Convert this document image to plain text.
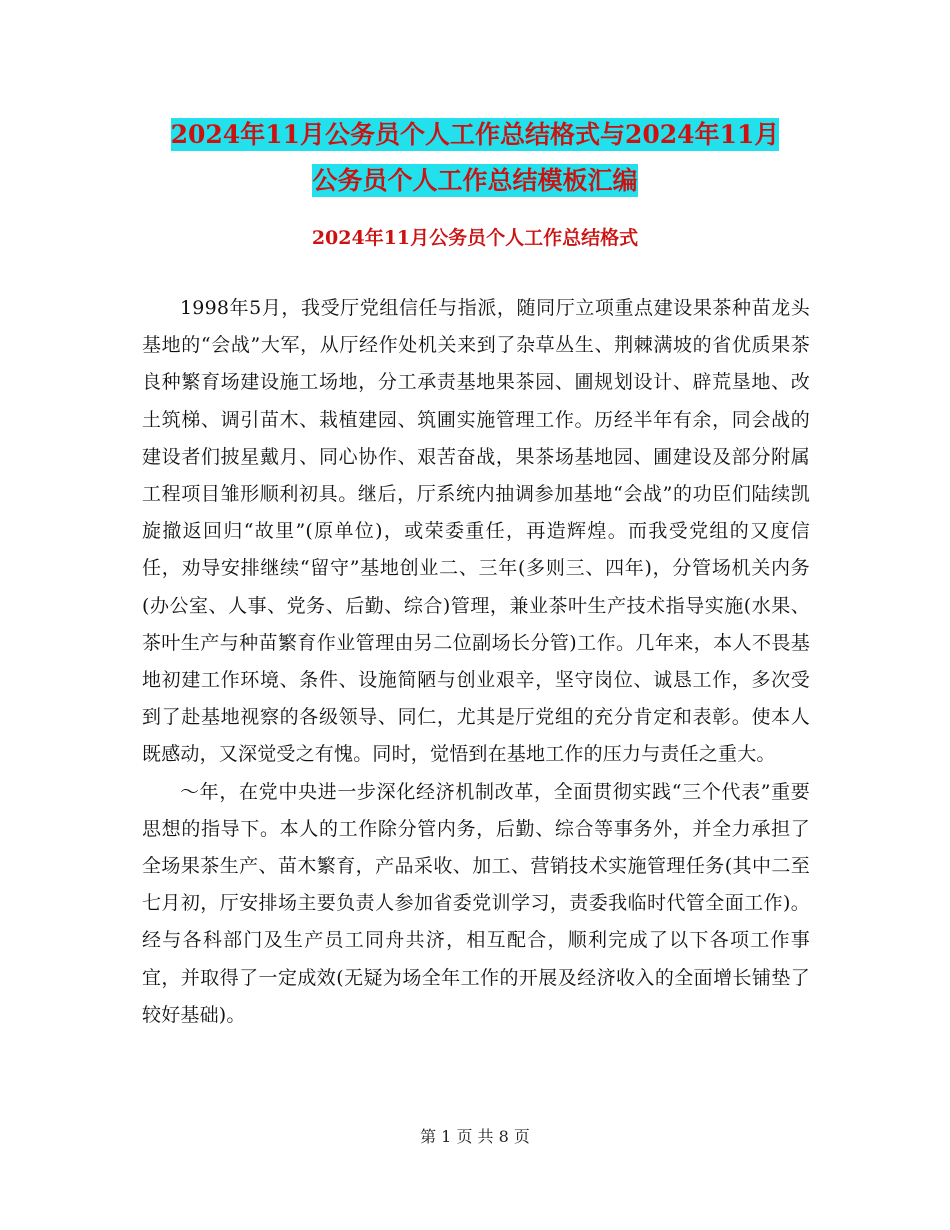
2024年11月公务员个人工作总结格式与2024年11月
公务员个人工作总结模板汇编
2024年11月公务员个人工作总结格式

1998年5月，我受厅党组信任与指派，随同厅立项重点建设果茶种苗龙头基地的“会战”大军，从厅经作处机关来到了杂草丛生、荆棘满坡的省优质果茶良种繁育场建设施工场地，分工承责基地果茶园、圃规划设计、辟荒垦地、改土筑梯、调引苗木、栽植建园、筑圃实施管理工作。历经半年有余，同会战的建设者们披星戴月、同心协作、艰苦奋战，果茶场基地园、圃建设及部分附属工程项目雏形顺利初具。继后，厅系统内抽调参加基地“会战”的功臣们陆续凯旋撤返回归“故里”(原单位)，或荣委重任，再造辉煌。而我受党组的又度信任，劝导安排继续“留守”基地创业二、三年(多则三、四年)，分管场机关内务(办公室、人事、党务、后勤、综合)管理，兼业茶叶生产技术指导实施(水果、茶叶生产与种苗繁育作业管理由另二位副场长分管)工作。几年来，本人不畏基地初建工作环境、条件、设施简陋与创业艰辛，坚守岗位、诚恳工作，多次受到了赴基地视察的各级领导、同仁，尤其是厅党组的充分肯定和表彰。使本人既感动，又深觉受之有愧。同时，觉悟到在基地工作的压力与责任之重大。

～年，在党中央进一步深化经济机制改革，全面贯彻实践“三个代表”重要思想的指导下。本人的工作除分管内务，后勤、综合等事务外，并全力承担了全场果茶生产、苗木繁育，产品采收、加工、营销技术实施管理任务(其中二至七月初，厅安排场主要负责人参加省委党训学习，责委我临时代管全面工作)。经与各科部门及生产员工同舟共济，相互配合，顺利完成了以下各项工作事宜，并取得了一定成效(无疑为场全年工作的开展及经济收入的全面增长铺垫了较好基础)。

第 1 页 共 8 页
